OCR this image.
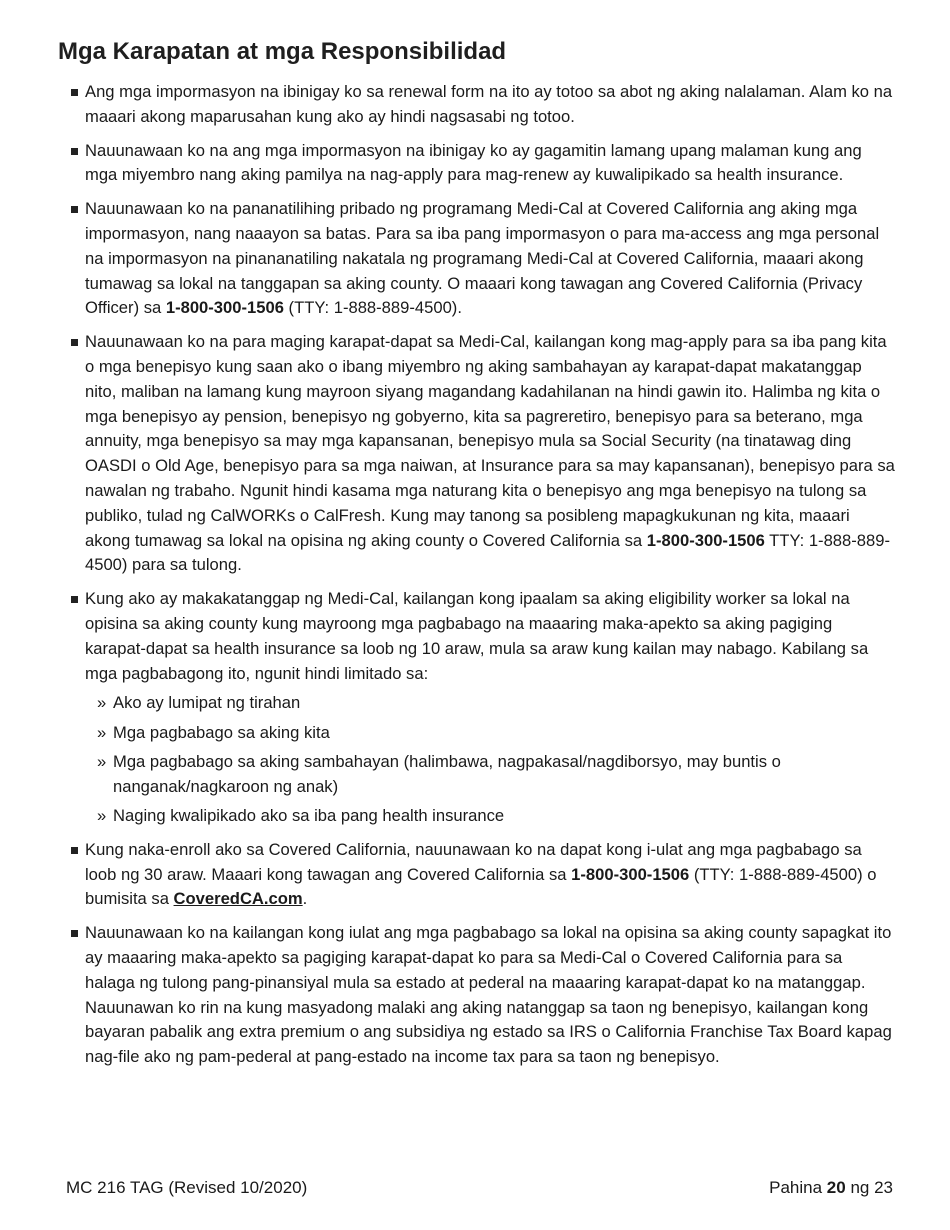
Mga Karapatan at mga Responsibilidad
Ang mga impormasyon na ibinigay ko sa renewal form na ito ay totoo sa abot ng aking nalalaman. Alam ko na maaari akong maparusahan kung ako ay hindi nagsasabi ng totoo.
Nauunawaan ko na ang mga impormasyon na ibinigay ko ay gagamitin lamang upang malaman kung ang mga miyembro nang aking pamilya na nag-apply para mag-renew ay kuwalipikado sa health insurance.
Nauunawaan ko na pananatilihing pribado ng programang Medi-Cal at Covered California ang aking mga impormasyon, nang naaayon sa batas. Para sa iba pang impormasyon o para ma-access ang mga personal na impormasyon na pinananatiling nakatala ng programang Medi-Cal at Covered California, maaari akong tumawag sa lokal na tanggapan sa aking county. O maaari kong tawagan ang Covered California (Privacy Officer) sa 1-800-300-1506 (TTY: 1-888-889-4500).
Nauunawaan ko na para maging karapat-dapat sa Medi-Cal, kailangan kong mag-apply para sa iba pang kita o mga benepisyo kung saan ako o ibang miyembro ng aking sambahayan ay karapat-dapat makatanggap nito, maliban na lamang kung mayroon siyang magandang kadahilanan na hindi gawin ito. Halimba ng kita o mga benepisyo ay pension, benepisyo ng gobyerno, kita sa pagreretiro, benepisyo para sa beterano, mga annuity, mga benepisyo sa may mga kapansanan, benepisyo mula sa Social Security (na tinatawag ding OASDI o Old Age, benepisyo para sa mga naiwan, at Insurance para sa may kapansanan), benepisyo para sa nawalan ng trabaho. Ngunit hindi kasama mga naturang kita o benepisyo ang mga benepisyo na tulong sa publiko, tulad ng CalWORKs o CalFresh. Kung may tanong sa posibleng mapagkukunan ng kita, maaari akong tumawag sa lokal na opisina ng aking county o Covered California sa 1-800-300-1506 TTY: 1-888-889-4500) para sa tulong.
Kung ako ay makakatanggap ng Medi-Cal, kailangan kong ipaalam sa aking eligibility worker sa lokal na opisina sa aking county kung mayroong mga pagbabago na maaaring maka-apekto sa aking pagiging karapat-dapat sa health insurance sa loob ng 10 araw, mula sa araw kung kailan may nabago. Kabilang sa mga pagbabagong ito, ngunit hindi limitado sa:
» Ako ay lumipat ng tirahan
» Mga pagbabago sa aking kita
» Mga pagbabago sa aking sambahayan (halimbawa, nagpakasal/nagdiborsyo, may buntis o nanganak/nagkaroon ng anak)
» Naging kwalipikado ako sa iba pang health insurance
Kung naka-enroll ako sa Covered California, nauunawaan ko na dapat kong i-ulat ang mga pagbabago sa loob ng 30 araw. Maaari kong tawagan ang Covered California sa 1-800-300-1506 (TTY: 1-888-889-4500) o bumisita sa CoveredCA.com.
Nauunawaan ko na kailangan kong iulat ang mga pagbabago sa lokal na opisina sa aking county sapagkat ito ay maaaring maka-apekto sa pagiging karapat-dapat ko para sa Medi-Cal o Covered California para sa halaga ng tulong pang-pinansiyal mula sa estado at pederal na maaaring karapat-dapat ko na matanggap. Nauunawan ko rin na kung masyadong malaki ang aking natanggap sa taon ng benepisyo, kailangan kong bayaran pabalik ang extra premium o ang subsidiya ng estado sa IRS o California Franchise Tax Board kapag nag-file ako ng pam-pederal at pang-estado na income tax para sa taon ng benepisyo.
MC 216 TAG (Revised 10/2020)	Pahina 20 ng 23
